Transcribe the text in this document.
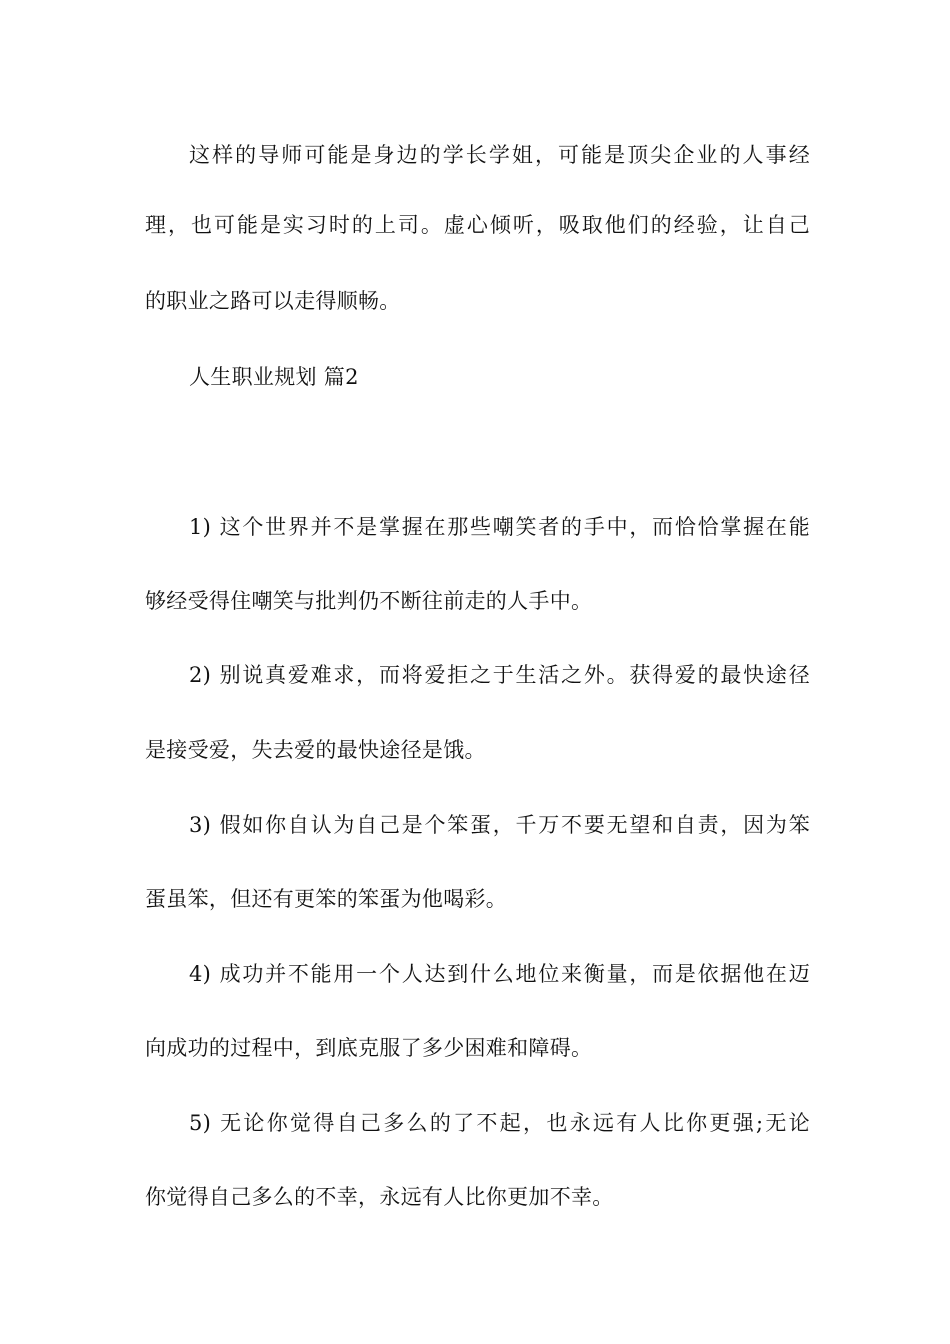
这样的导师可能是身边的学长学姐，可能是顶尖企业的人事经
理，也可能是实习时的上司。虚心倾听，吸取他们的经验，让自己
的职业之路可以走得顺畅。
人生职业规划 篇2
1) 这个世界并不是掌握在那些嘲笑者的手中，而恰恰掌握在能
够经受得住嘲笑与批判仍不断往前走的人手中。
2) 别说真爱难求，而将爱拒之于生活之外。获得爱的最快途径
是接受爱，失去爱的最快途径是饿。
3) 假如你自认为自己是个笨蛋，千万不要无望和自责，因为笨
蛋虽笨，但还有更笨的笨蛋为他喝彩。
4) 成功并不能用一个人达到什么地位来衡量，而是依据他在迈
向成功的过程中，到底克服了多少困难和障碍。
5) 无论你觉得自己多么的了不起，也永远有人比你更强;无论
你觉得自己多么的不幸，永远有人比你更加不幸。
